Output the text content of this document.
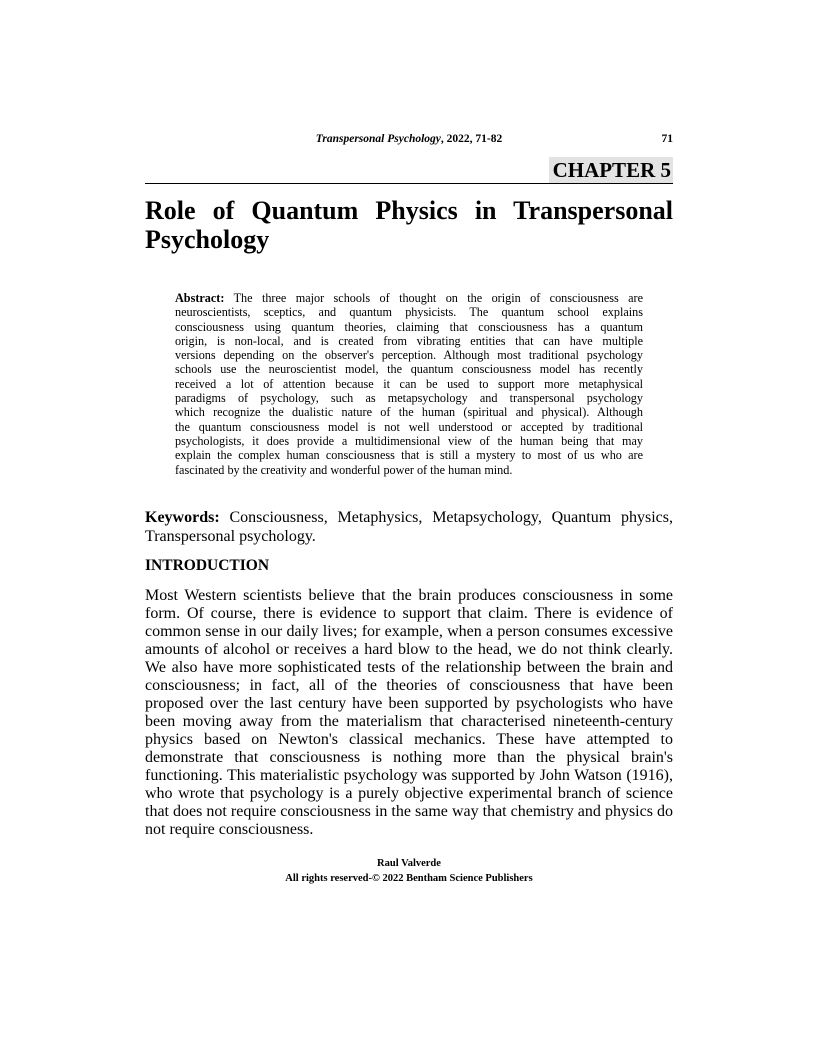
Transpersonal Psychology, 2022, 71-82	71
CHAPTER 5
Role of Quantum Physics in Transpersonal
Psychology
Abstract: The three major schools of thought on the origin of consciousness are
neuroscientists, sceptics, and quantum physicists. The quantum school explains
consciousness using quantum theories, claiming that consciousness has a quantum
origin, is non-local, and is created from vibrating entities that can have multiple
versions depending on the observer's perception. Although most traditional psychology
schools use the neuroscientist model, the quantum consciousness model has recently
received a lot of attention because it can be used to support more metaphysical
paradigms of psychology, such as metapsychology and transpersonal psychology
which recognize the dualistic nature of the human (spiritual and physical). Although
the quantum consciousness model is not well understood or accepted by traditional
psychologists, it does provide a multidimensional view of the human being that may
explain the complex human consciousness that is still a mystery to most of us who are
fascinated by the creativity and wonderful power of the human mind.
Keywords: Consciousness, Metaphysics, Metapsychology, Quantum physics,
Transpersonal psychology.
INTRODUCTION
Most Western scientists believe that the brain produces consciousness in some
form. Of course, there is evidence to support that claim. There is evidence of
common sense in our daily lives; for example, when a person consumes excessive
amounts of alcohol or receives a hard blow to the head, we do not think clearly.
We also have more sophisticated tests of the relationship between the brain and
consciousness; in fact, all of the theories of consciousness that have been
proposed over the last century have been supported by psychologists who have
been moving away from the materialism that characterised nineteenth-century
physics based on Newton's classical mechanics. These have attempted to
demonstrate that consciousness is nothing more than the physical brain's
functioning. This materialistic psychology was supported by John Watson (1916),
who wrote that psychology is a purely objective experimental branch of science
that does not require consciousness in the same way that chemistry and physics do
not require consciousness.
Raul Valverde
All rights reserved-© 2022 Bentham Science Publishers
